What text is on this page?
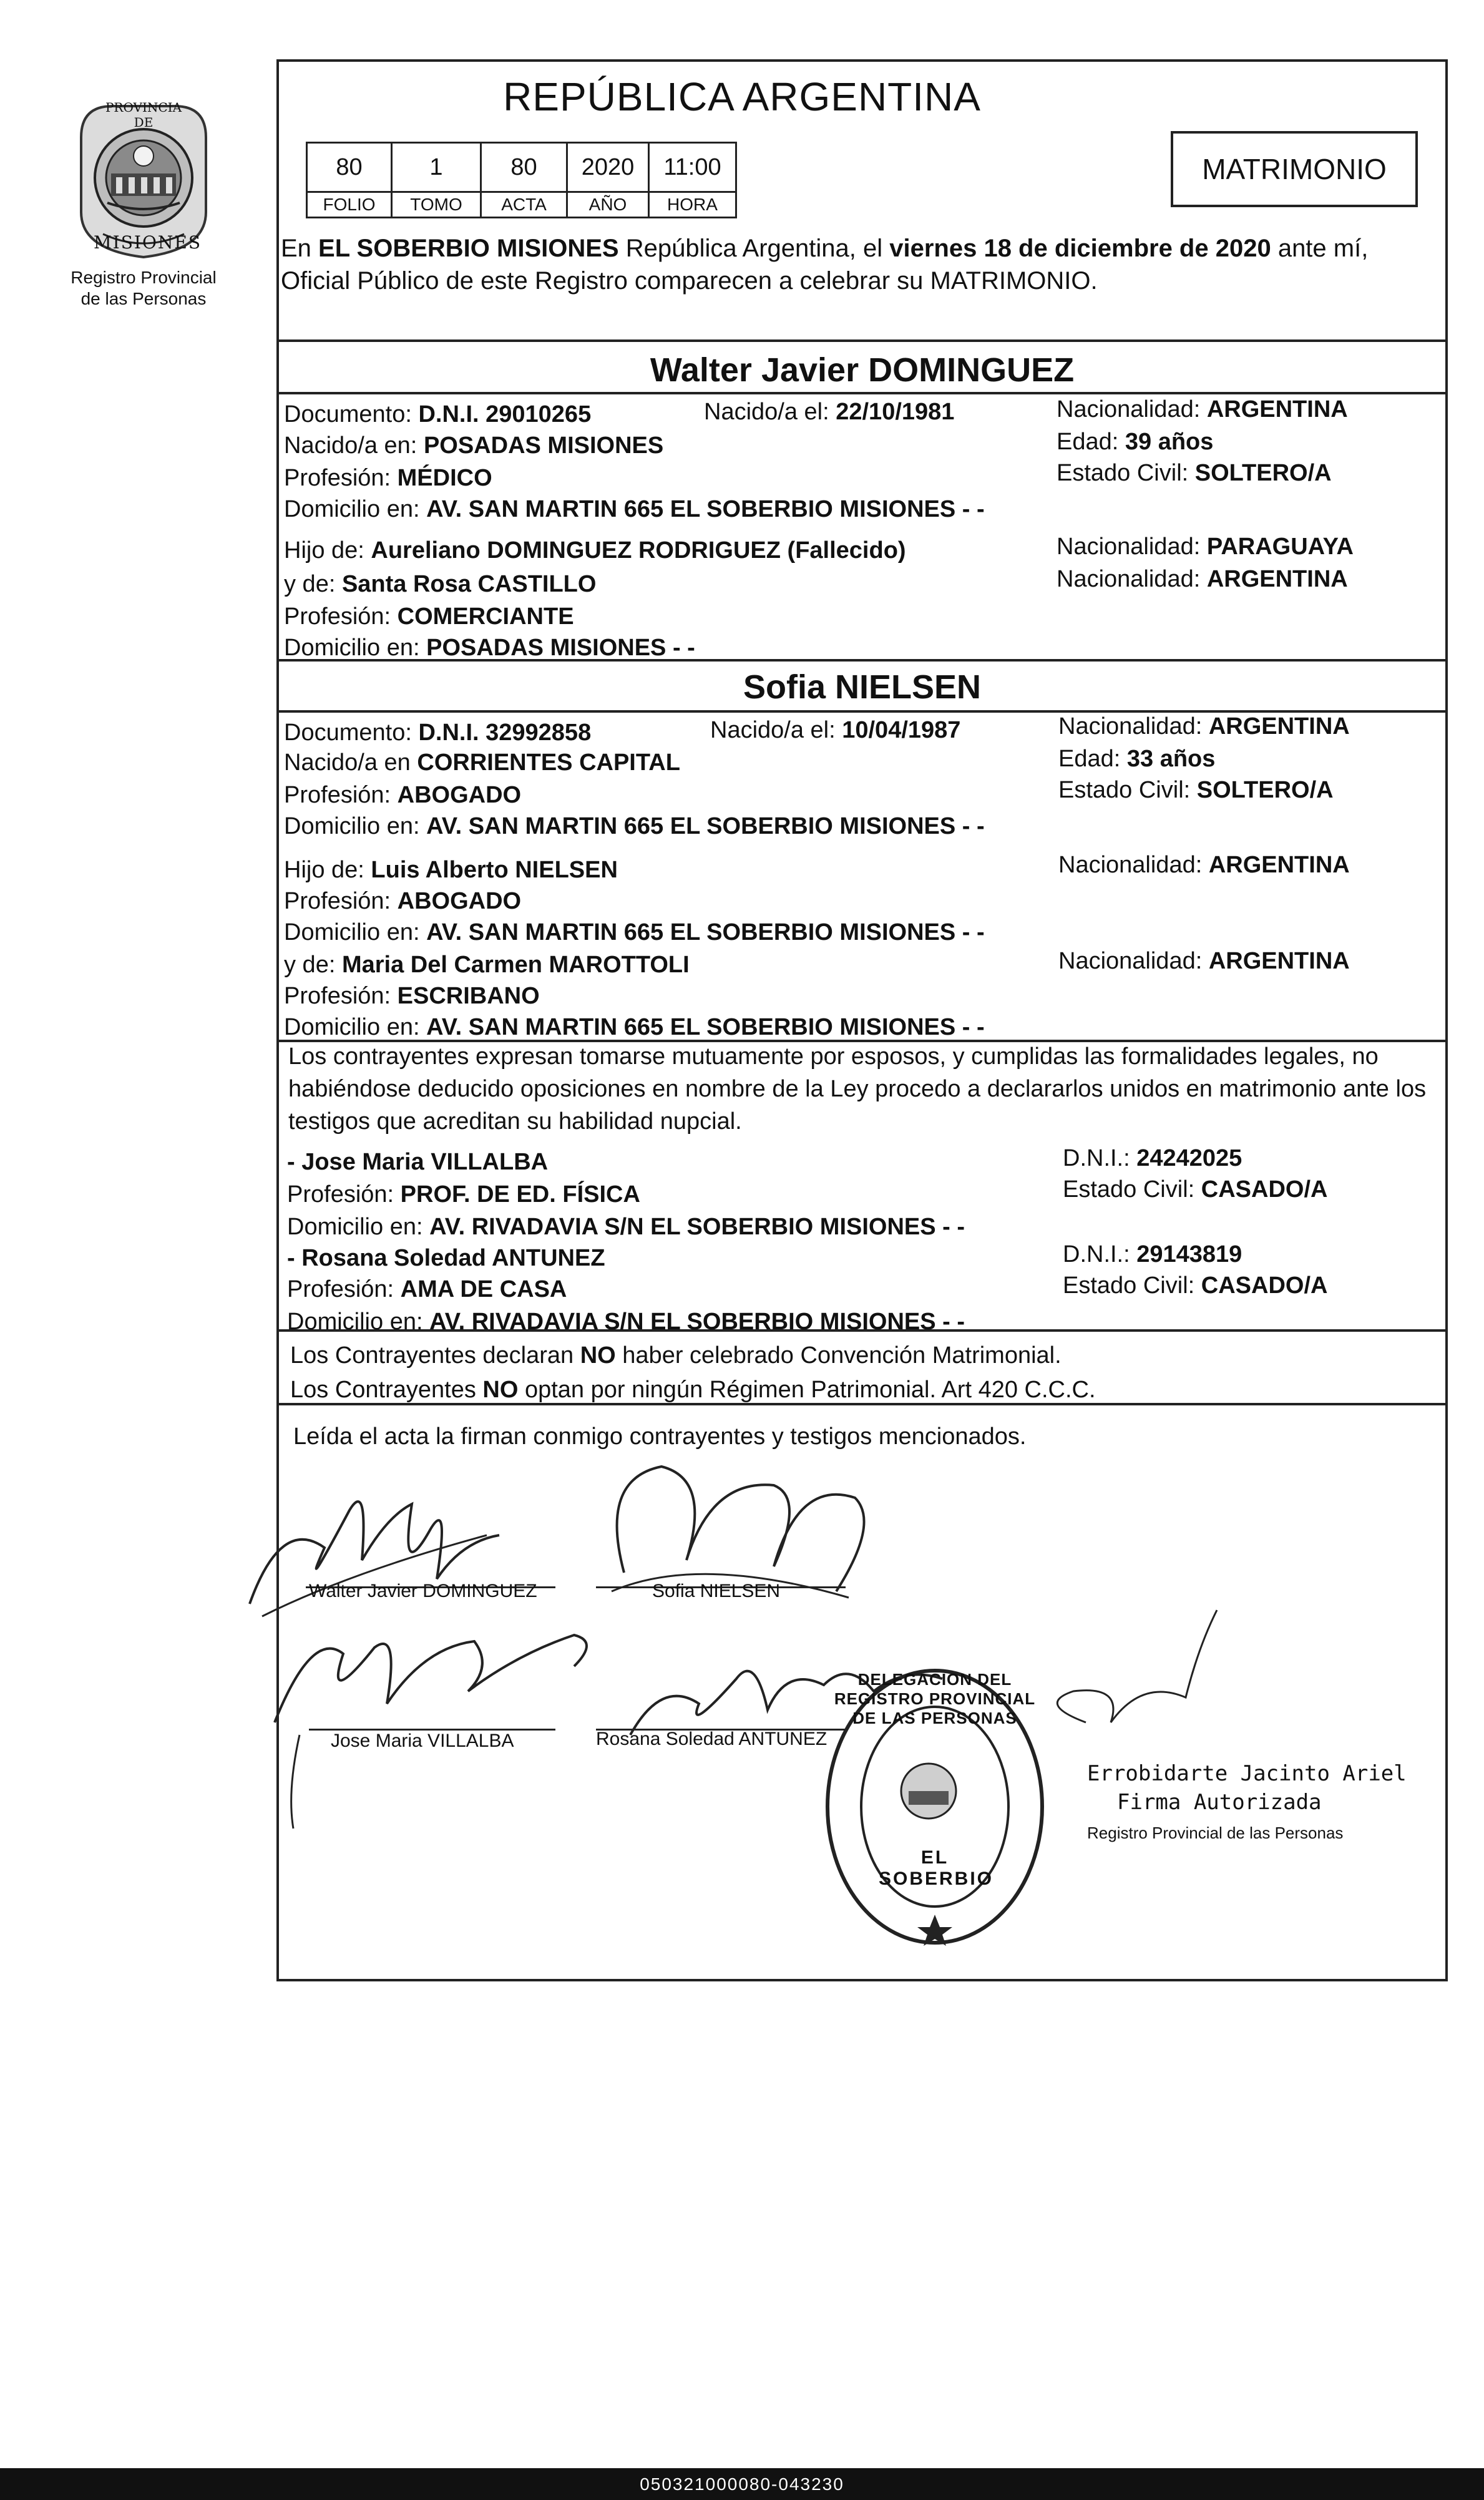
PROVINCIA DE
MISIONES
Registro Provincial
de las Personas
REPÚBLICA ARGENTINA
80	1	80	2020	11:00
FOLIO	TOMO	ACTA	AÑO	HORA
MATRIMONIO
En EL SOBERBIO MISIONES República Argentina, el viernes 18 de diciembre de 2020 ante mí, Oficial Público de este Registro comparecen a celebrar su MATRIMONIO.
Walter Javier DOMINGUEZ
Documento: D.N.I. 29010265	Nacido/a el: 22/10/1981	Nacionalidad: ARGENTINA
Nacido/a en: POSADAS MISIONES	Edad: 39 años
Profesión: MÉDICO	Estado Civil: SOLTERO/A
Domicilio en: AV. SAN MARTIN 665 EL SOBERBIO MISIONES - -
Hijo de: Aureliano DOMINGUEZ RODRIGUEZ (Fallecido)	Nacionalidad: PARAGUAYA
y de: Santa Rosa CASTILLO	Nacionalidad: ARGENTINA
Profesión: COMERCIANTE
Domicilio en: POSADAS MISIONES - -
Sofia NIELSEN
Documento: D.N.I. 32992858	Nacido/a el: 10/04/1987	Nacionalidad: ARGENTINA
Nacido/a en CORRIENTES CAPITAL	Edad: 33 años
Profesión: ABOGADO	Estado Civil: SOLTERO/A
Domicilio en: AV. SAN MARTIN 665 EL SOBERBIO MISIONES - -
Hijo de: Luis Alberto NIELSEN	Nacionalidad: ARGENTINA
Profesión: ABOGADO
Domicilio en: AV. SAN MARTIN 665 EL SOBERBIO MISIONES - -
y de: Maria Del Carmen MAROTTOLI	Nacionalidad: ARGENTINA
Profesión: ESCRIBANO
Domicilio en: AV. SAN MARTIN 665 EL SOBERBIO MISIONES - -
Los contrayentes expresan tomarse mutuamente por esposos, y cumplidas las formalidades legales, no habiéndose deducido oposiciones en nombre de la Ley procedo a declararlos unidos en matrimonio ante los testigos que acreditan su habilidad nupcial.
- Jose Maria VILLALBA	D.N.I.: 24242025
Profesión: PROF. DE ED. FÍSICA	Estado Civil: CASADO/A
Domicilio en: AV. RIVADAVIA S/N EL SOBERBIO MISIONES - -
- Rosana Soledad ANTUNEZ	D.N.I.: 29143819
Profesión: AMA DE CASA	Estado Civil: CASADO/A
Domicilio en: AV. RIVADAVIA S/N EL SOBERBIO MISIONES - -
Los Contrayentes declaran NO haber celebrado Convención Matrimonial.
Los Contrayentes NO optan por ningún Régimen Patrimonial. Art 420 C.C.C.
Leída el acta la firman conmigo contrayentes y testigos mencionados.
Walter Javier DOMINGUEZ	Sofia NIELSEN
Jose Maria VILLALBA	Rosana Soledad ANTUNEZ
DELEGACION DEL REGISTRO PROVINCIAL DE LAS PERSONAS
EL SOBERBIO
Errobidarte Jacinto Ariel
Firma Autorizada
Registro Provincial de las Personas
050321000080-043230
